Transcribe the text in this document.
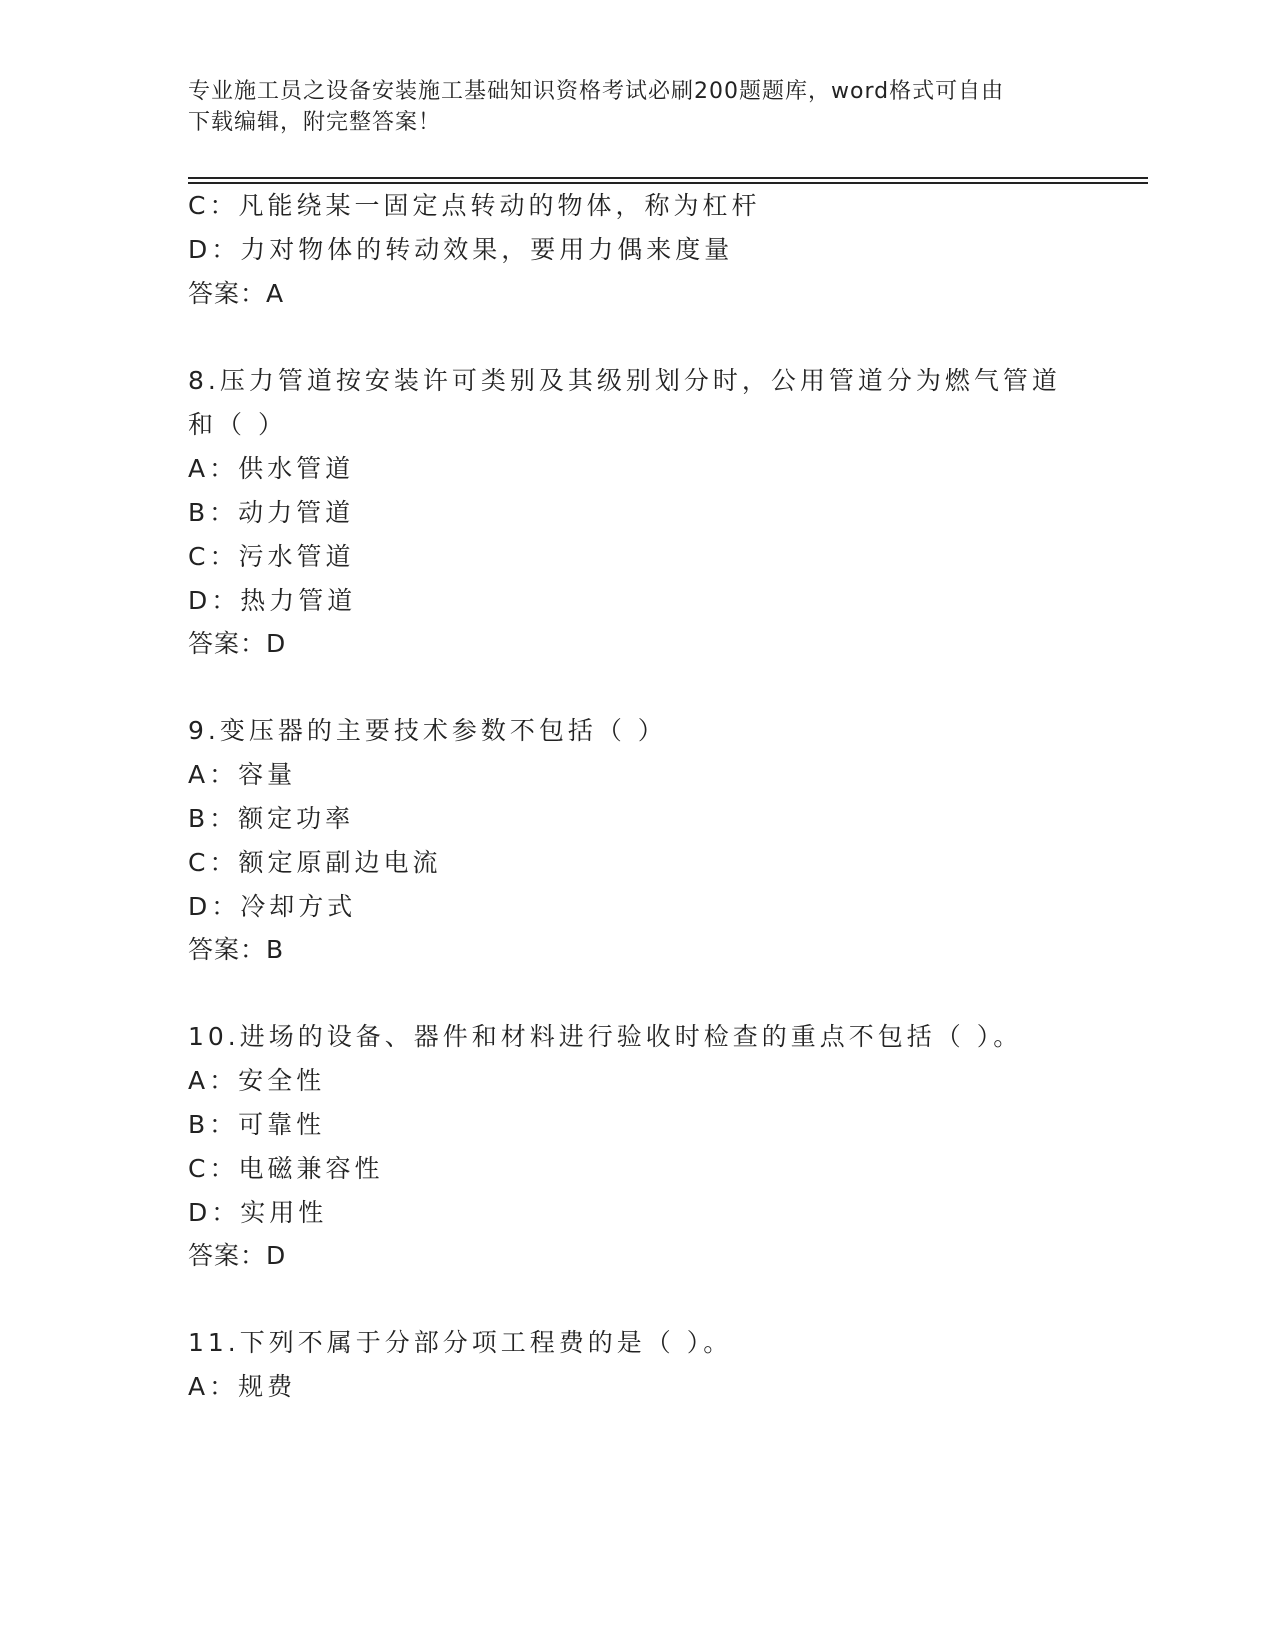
专业施工员之设备安装施工基础知识资格考试必刷200题题库，word格式可自由
下载编辑，附完整答案！
C：凡能绕某一固定点转动的物体，称为杠杆
D：力对物体的转动效果，要用力偶来度量
答案：A
8.压力管道按安装许可类别及其级别划分时，公用管道分为燃气管道
和（ ）
A：供水管道
B：动力管道
C：污水管道
D：热力管道
答案：D
9.变压器的主要技术参数不包括（ ）
A：容量
B：额定功率
C：额定原副边电流
D：冷却方式
答案：B
10.进场的设备、器件和材料进行验收时检查的重点不包括（ ）。
A：安全性
B：可靠性
C：电磁兼容性
D：实用性
答案：D
11.下列不属于分部分项工程费的是（ ）。
A：规费
